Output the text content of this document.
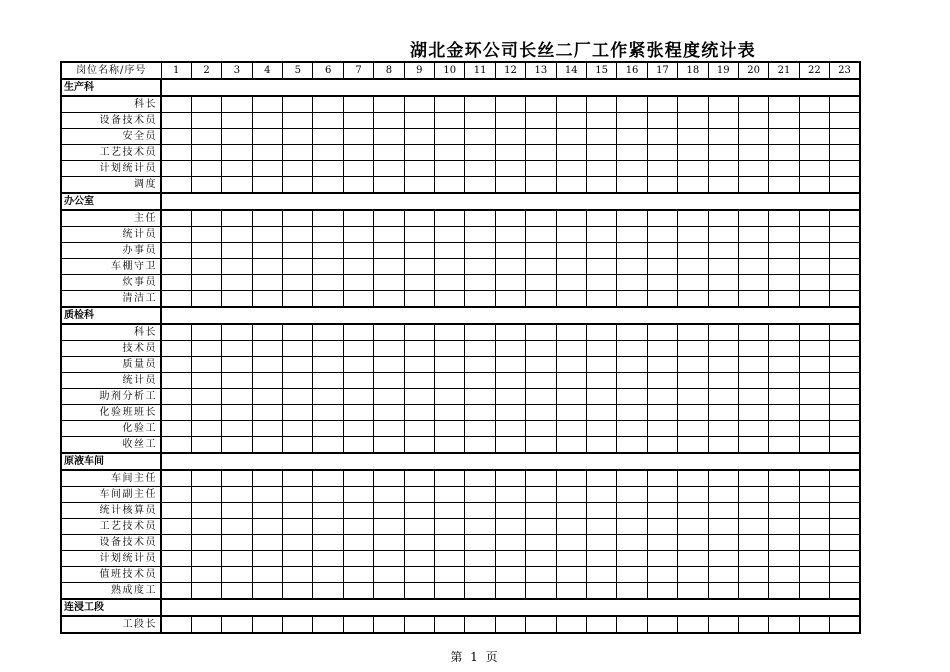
湖北金环公司长丝二厂工作紧张程度统计表
岗位名称/序号	1	2	3	4	5	6	7	8	9	10	11	12	13	14	15	16	17	18	19	20	21	22	23
生产科																							
科长																							
设备技术员																							
安全员																							
工艺技术员																							
计划统计员																							
调度																							
办公室																							
主任																							
统计员																							
办事员																							
车棚守卫																							
炊事员																							
清洁工																							
质检科																							
科长																							
技术员																							
质量员																							
统计员																							
助剂分析工																							
化验班班长																							
化验工																							
收丝工																							
原液车间																							
车间主任																							
车间副主任																							
统计核算员																							
工艺技术员																							
设备技术员																							
计划统计员																							
值班技术员																							
熟成度工																							
连浸工段																							
工段长																							
第 1 页
